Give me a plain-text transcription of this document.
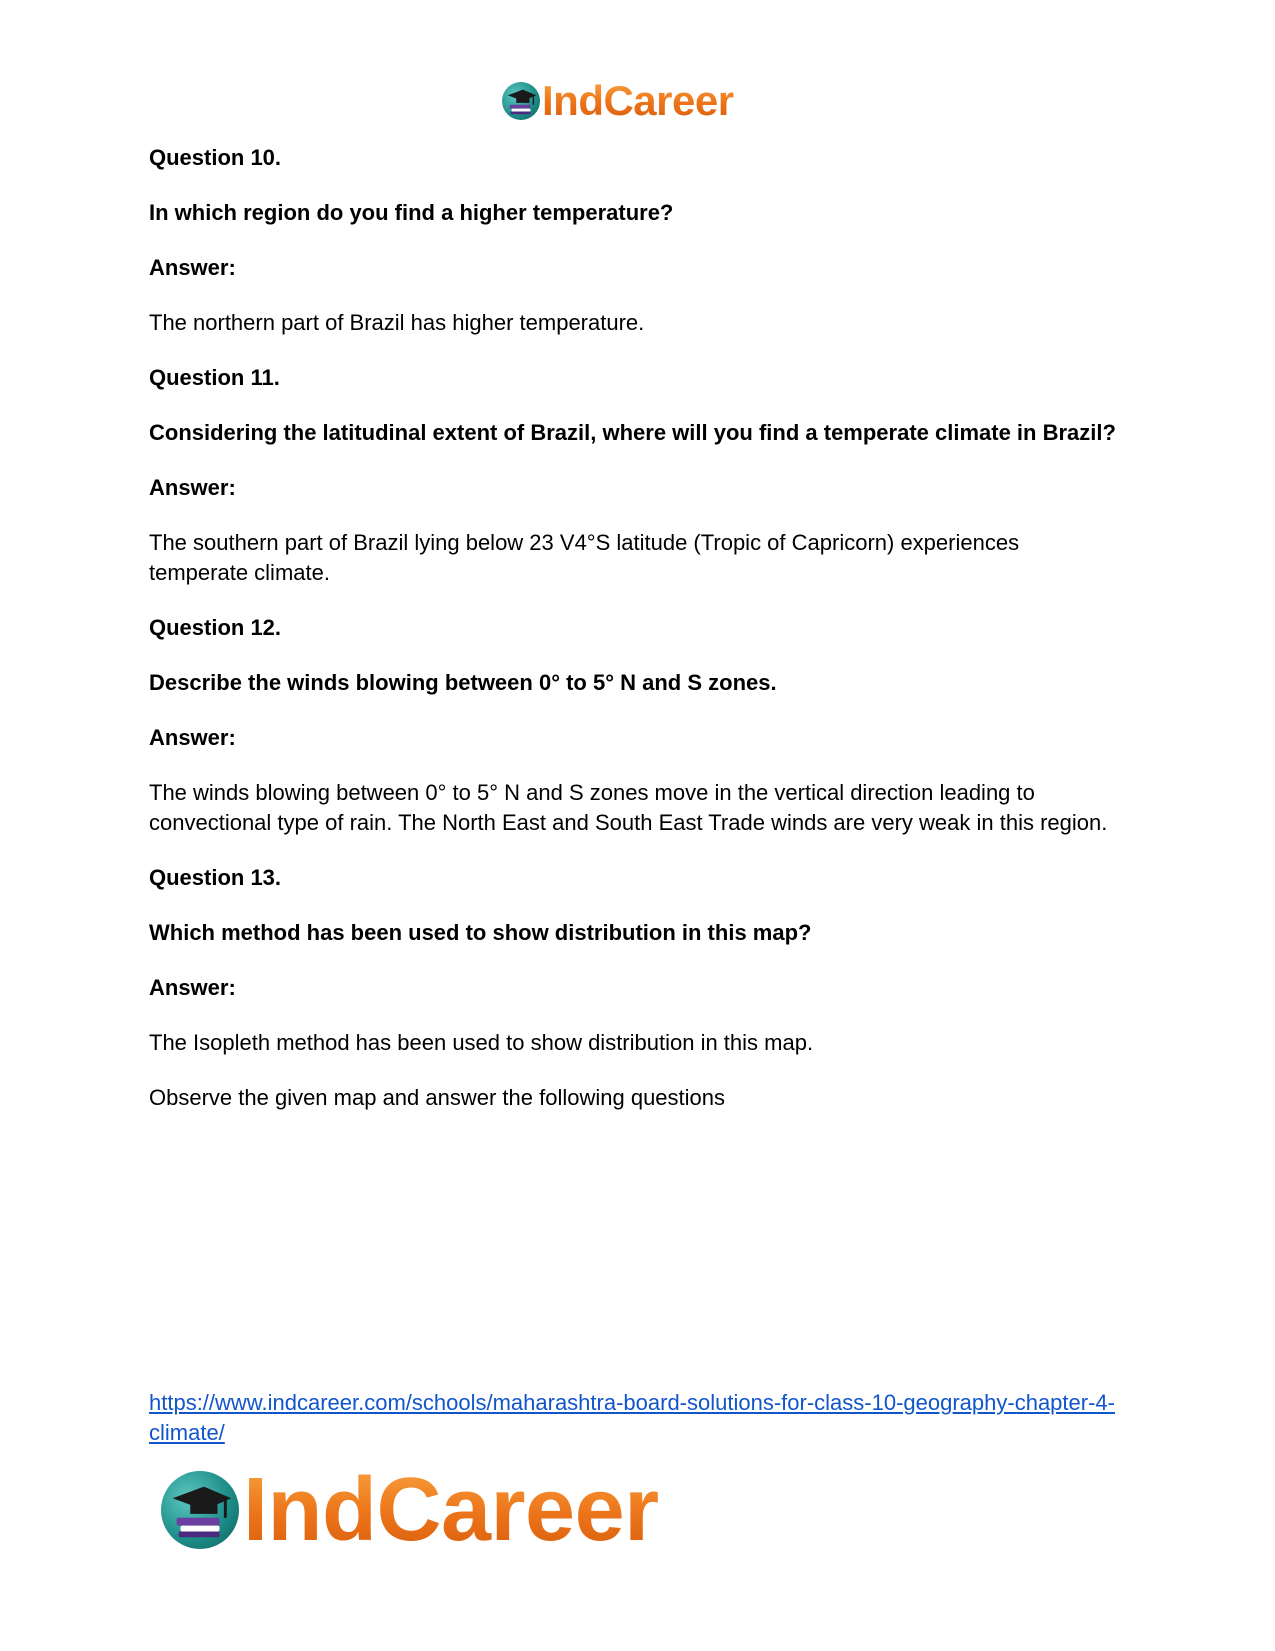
IndCareer

Question 10.

In which region do you find a higher temperature?

Answer:

The northern part of Brazil has higher temperature.

Question 11.

Considering the latitudinal extent of Brazil, where will you find a temperate climate in Brazil?

Answer:

The southern part of Brazil lying below 23 V4°S latitude (Tropic of Capricorn) experiences temperate climate.

Question 12.

Describe the winds blowing between 0° to 5° N and S zones.

Answer:

The winds blowing between 0° to 5° N and S zones move in the vertical direction leading to convectional type of rain. The North East and South East Trade winds are very weak in this region.

Question 13.

Which method has been used to show distribution in this map?

Answer:

The Isopleth method has been used to show distribution in this map.

Observe the given map and answer the following questions

https://www.indcareer.com/schools/maharashtra-board-solutions-for-class-10-geography-chapter-4-climate/
IndCareer
